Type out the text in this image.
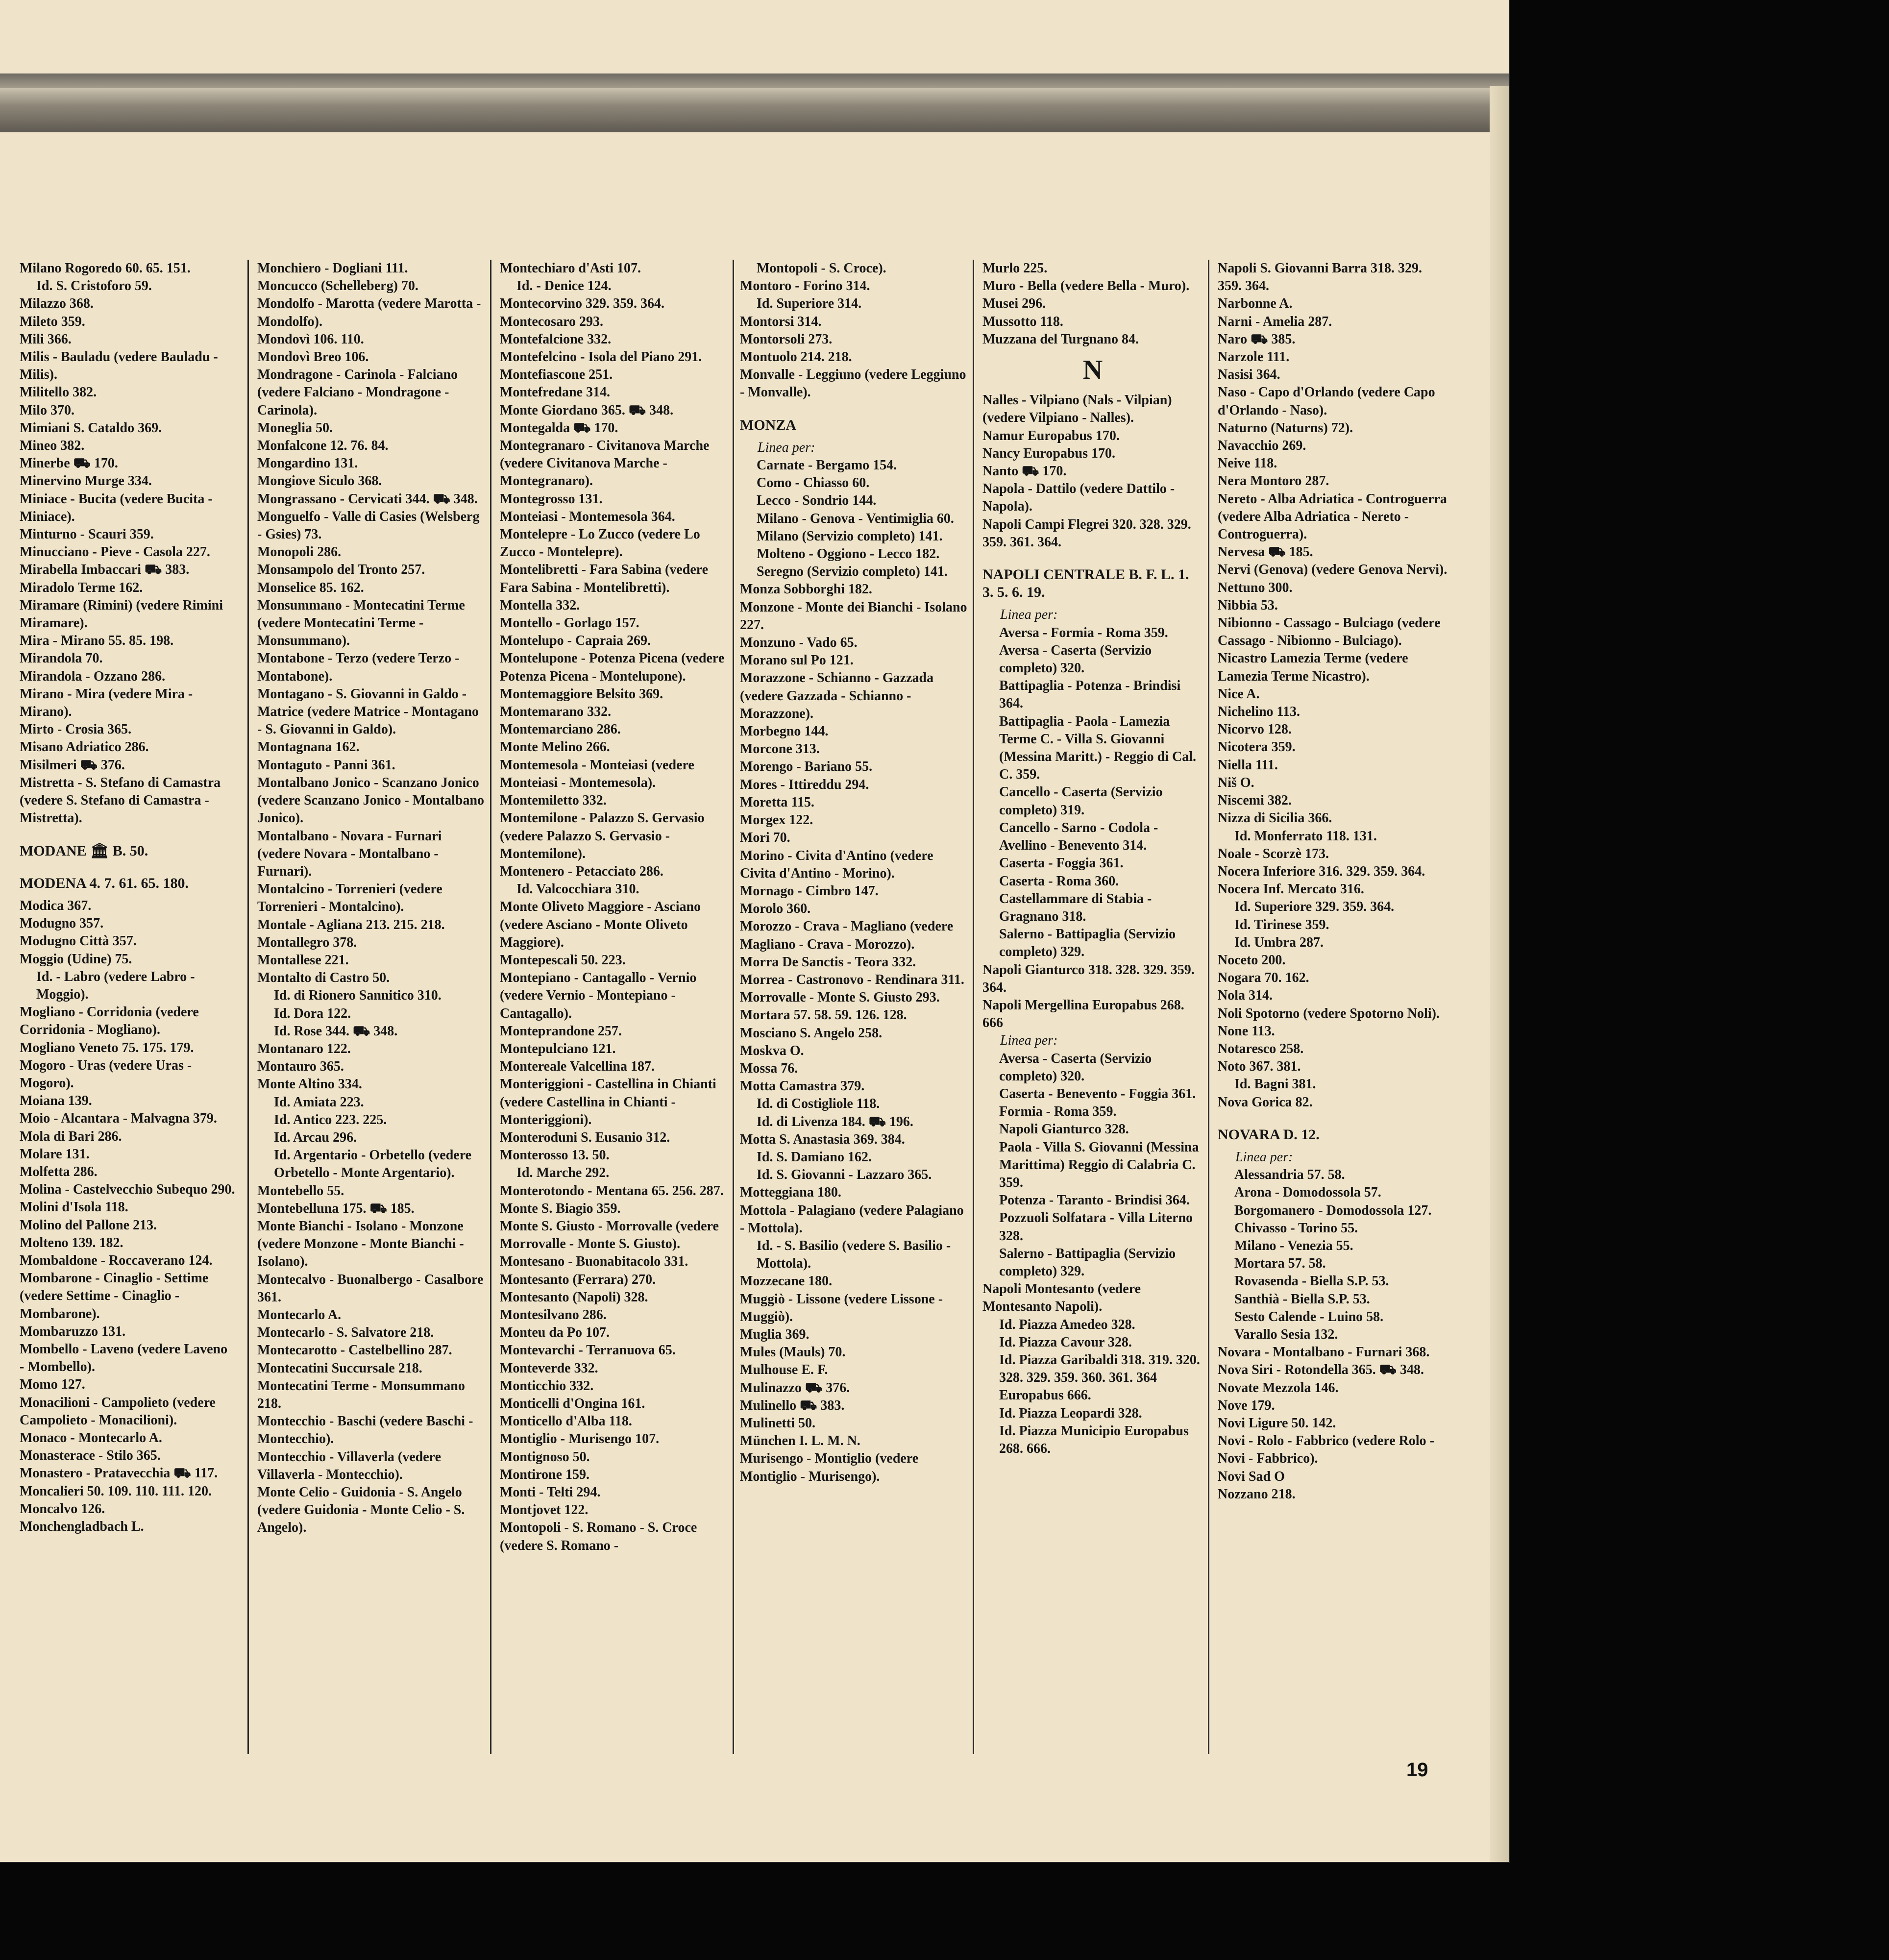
Milano Rogoredo 60. 65. 151.
Id. S. Cristoforo 59.
Milazzo 368.
Mileto 359.
Mili 366.
Milis - Bauladu (vedere Bauladu - Milis).
Militello 382.
Milo 370.
Mimiani S. Cataldo 369.
Mineo 382.
Minerbe ⛟ 170.
Minervino Murge 334.
Miniace - Bucita (vedere Bucita - Miniace).
Minturno - Scauri 359.
Minucciano - Pieve - Casola 227.
Mirabella Imbaccari ⛟ 383.
Miradolo Terme 162.
Miramare (Rimini) (vedere Rimini Miramare).
Mira - Mirano 55. 85. 198.
Mirandola 70.
Mirandola - Ozzano 286.
Mirano - Mira (vedere Mira - Mirano).
Mirto - Crosia 365.
Misano Adriatico 286.
Misilmeri ⛟ 376.
Mistretta - S. Stefano di Camastra (vedere S. Stefano di Camastra - Mistretta).
MODANE 🏛 B. 50.
MODENA 4. 7. 61. 65. 180.
Modica 367.
Modugno 357.
Modugno Città 357.
Moggio (Udine) 75.
Id. - Labro (vedere Labro - Moggio).
Mogliano - Corridonia (vedere Corridonia - Mogliano).
Mogliano Veneto 75. 175. 179.
Mogoro - Uras (vedere Uras - Mogoro).
Moiana 139.
Moio - Alcantara - Malvagna 379.
Mola di Bari 286.
Molare 131.
Molfetta 286.
Molina - Castelvecchio Subequo 290.
Molini d'Isola 118.
Molino del Pallone 213.
Molteno 139. 182.
Mombaldone - Roccaverano 124.
Mombarone - Cinaglio - Settime (vedere Settime - Cinaglio - Mombarone).
Mombaruzzo 131.
Mombello - Laveno (vedere Laveno - Mombello).
Momo 127.
Monacilioni - Campolieto (vedere Campolieto - Monacilioni).
Monaco - Montecarlo A.
Monasterace - Stilo 365.
Monastero - Pratavecchia ⛟ 117.
Moncalieri 50. 109. 110. 111. 120.
Moncalvo 126.
Monchengladbach L.
Monchiero - Dogliani 111.
Moncucco (Schelleberg) 70.
Mondolfo - Marotta (vedere Marotta - Mondolfo).
Mondovì 106. 110.
Mondovì Breo 106.
Mondragone - Carinola - Falciano (vedere Falciano - Mondragone - Carinola).
Moneglia 50.
Monfalcone 12. 76. 84.
Mongardino 131.
Mongiove Siculo 368.
Mongrassano - Cervicati 344. ⛟ 348.
Monguelfo - Valle di Casies (Welsberg - Gsies) 73.
Monopoli 286.
Monsampolo del Tronto 257.
Monselice 85. 162.
Monsummano - Montecatini Terme (vedere Montecatini Terme - Monsummano).
Montabone - Terzo (vedere Terzo - Montabone).
Montagano - S. Giovanni in Galdo - Matrice (vedere Matrice - Montagano - S. Giovanni in Galdo).
Montagnana 162.
Montaguto - Panni 361.
Montalbano Jonico - Scanzano Jonico (vedere Scanzano Jonico - Montalbano Jonico).
Montalbano - Novara - Furnari (vedere Novara - Montalbano - Furnari).
Montalcino - Torrenieri (vedere Torrenieri - Montalcino).
Montale - Agliana 213. 215. 218.
Montallegro 378.
Montallese 221.
Montalto di Castro 50.
Id. di Rionero Sannitico 310.
Id. Dora 122.
Id. Rose 344. ⛟ 348.
Montanaro 122.
Montauro 365.
Monte Altino 334.
Id. Amiata 223.
Id. Antico 223. 225.
Id. Arcau 296.
Id. Argentario - Orbetello (vedere Orbetello - Monte Argentario).
Montebello 55.
Montebelluna 175. ⛟ 185.
Monte Bianchi - Isolano - Monzone (vedere Monzone - Monte Bianchi - Isolano).
Montecalvo - Buonalbergo - Casalbore 361.
Montecarlo A.
Montecarlo - S. Salvatore 218.
Montecarotto - Castelbellino 287.
Montecatini Succursale 218.
Montecatini Terme - Monsummano 218.
Montecchio - Baschi (vedere Baschi - Montecchio).
Montecchio - Villaverla (vedere Villaverla - Montecchio).
Monte Celio - Guidonia - S. Angelo (vedere Guidonia - Monte Celio - S. Angelo).
Montechiaro d'Asti 107.
Id. - Denice 124.
Montecorvino 329. 359. 364.
Montecosaro 293.
Montefalcione 332.
Montefelcino - Isola del Piano 291.
Montefiascone 251.
Montefredane 314.
Monte Giordano 365. ⛟ 348.
Montegalda ⛟ 170.
Montegranaro - Civitanova Marche (vedere Civitanova Marche - Montegranaro).
Montegrosso 131.
Monteiasi - Montemesola 364.
Montelepre - Lo Zucco (vedere Lo Zucco - Montelepre).
Montelibretti - Fara Sabina (vedere Fara Sabina - Montelibretti).
Montella 332.
Montello - Gorlago 157.
Montelupo - Capraia 269.
Montelupone - Potenza Picena (vedere Potenza Picena - Montelupone).
Montemaggiore Belsito 369.
Montemarano 332.
Montemarciano 286.
Monte Melino 266.
Montemesola - Monteiasi (vedere Monteiasi - Montemesola).
Montemiletto 332.
Montemilone - Palazzo S. Gervasio (vedere Palazzo S. Gervasio - Montemilone).
Montenero - Petacciato 286.
Id. Valcocchiara 310.
Monte Oliveto Maggiore - Asciano (vedere Asciano - Monte Oliveto Maggiore).
Montepescali 50. 223.
Montepiano - Cantagallo - Vernio (vedere Vernio - Montepiano - Cantagallo).
Monteprandone 257.
Montepulciano 121.
Montereale Valcellina 187.
Monteriggioni - Castellina in Chianti (vedere Castellina in Chianti - Monteriggioni).
Monteroduni S. Eusanio 312.
Monterosso 13. 50.
Id. Marche 292.
Monterotondo - Mentana 65. 256. 287.
Monte S. Biagio 359.
Monte S. Giusto - Morrovalle (vedere Morrovalle - Monte S. Giusto).
Montesano - Buonabitacolo 331.
Montesanto (Ferrara) 270.
Montesanto (Napoli) 328.
Montesilvano 286.
Monteu da Po 107.
Montevarchi - Terranuova 65.
Monteverde 332.
Monticchio 332.
Monticelli d'Ongina 161.
Monticello d'Alba 118.
Montiglio - Murisengo 107.
Montignoso 50.
Montirone 159.
Monti - Telti 294.
Montjovet 122.
Montopoli - S. Romano - S. Croce (vedere S. Romano -
Montopoli - S. Croce).
Montoro - Forino 314.
Id. Superiore 314.
Montorsi 314.
Montorsoli 273.
Montuolo 214. 218.
Monvalle - Leggiuno (vedere Leggiuno - Monvalle).
MONZA
Linea per:
Carnate - Bergamo 154.
Como - Chiasso 60.
Lecco - Sondrio 144.
Milano - Genova - Ventimiglia 60.
Milano (Servizio completo) 141.
Molteno - Oggiono - Lecco 182.
Seregno (Servizio completo) 141.
Monza Sobborghi 182.
Monzone - Monte dei Bianchi - Isolano 227.
Monzuno - Vado 65.
Morano sul Po 121.
Morazzone - Schianno - Gazzada (vedere Gazzada - Schianno - Morazzone).
Morbegno 144.
Morcone 313.
Morengo - Bariano 55.
Mores - Ittireddu 294.
Moretta 115.
Morgex 122.
Mori 70.
Morino - Civita d'Antino (vedere Civita d'Antino - Morino).
Mornago - Cimbro 147.
Morolo 360.
Morozzo - Crava - Magliano (vedere Magliano - Crava - Morozzo).
Morra De Sanctis - Teora 332.
Morrea - Castronovo - Rendinara 311.
Morrovalle - Monte S. Giusto 293.
Mortara 57. 58. 59. 126. 128.
Mosciano S. Angelo 258.
Moskva O.
Mossa 76.
Motta Camastra 379.
Id. di Costigliole 118.
Id. di Livenza 184. ⛟ 196.
Motta S. Anastasia 369. 384.
Id. S. Damiano 162.
Id. S. Giovanni - Lazzaro 365.
Motteggiana 180.
Mottola - Palagiano (vedere Palagiano - Mottola).
Id. - S. Basilio (vedere S. Basilio - Mottola).
Mozzecane 180.
Muggiò - Lissone (vedere Lissone - Muggiò).
Muglia 369.
Mules (Mauls) 70.
Mulhouse E. F.
Mulinazzo ⛟ 376.
Mulinello ⛟ 383.
Mulinetti 50.
München I. L. M. N.
Murisengo - Montiglio (vedere Montiglio - Murisengo).
Murlo 225.
Muro - Bella (vedere Bella - Muro).
Musei 296.
Mussotto 118.
Muzzana del Turgnano 84.
N
Nalles - Vilpiano (Nals - Vilpian) (vedere Vilpiano - Nalles).
Namur Europabus 170.
Nancy Europabus 170.
Nanto ⛟ 170.
Napola - Dattilo (vedere Dattilo - Napola).
Napoli Campi Flegrei 320. 328. 329. 359. 361. 364.
NAPOLI CENTRALE B. F. L. 1. 3. 5. 6. 19.
Linea per:
Aversa - Formia - Roma 359.
Aversa - Caserta (Servizio completo) 320.
Battipaglia - Potenza - Brindisi 364.
Battipaglia - Paola - Lamezia Terme C. - Villa S. Giovanni (Messina Maritt.) - Reggio di Cal. C. 359.
Cancello - Caserta (Servizio completo) 319.
Cancello - Sarno - Codola - Avellino - Benevento 314.
Caserta - Foggia 361.
Caserta - Roma 360.
Castellammare di Stabia - Gragnano 318.
Salerno - Battipaglia (Servizio completo) 329.
Napoli Gianturco 318. 328. 329. 359. 364.
Napoli Mergellina Europabus 268. 666
Linea per:
Aversa - Caserta (Servizio completo) 320.
Caserta - Benevento - Foggia 361.
Formia - Roma 359.
Napoli Gianturco 328.
Paola - Villa S. Giovanni (Messina Marittima) Reggio di Calabria C. 359.
Potenza - Taranto - Brindisi 364.
Pozzuoli Solfatara - Villa Literno 328.
Salerno - Battipaglia (Servizio completo) 329.
Napoli Montesanto (vedere Montesanto Napoli).
Id. Piazza Amedeo 328.
Id. Piazza Cavour 328.
Id. Piazza Garibaldi 318. 319. 320. 328. 329. 359. 360. 361. 364 Europabus 666.
Id. Piazza Leopardi 328.
Id. Piazza Municipio Europabus 268. 666.
Napoli S. Giovanni Barra 318. 329. 359. 364.
Narbonne A.
Narni - Amelia 287.
Naro ⛟ 385.
Narzole 111.
Nasisi 364.
Naso - Capo d'Orlando (vedere Capo d'Orlando - Naso).
Naturno (Naturns) 72).
Navacchio 269.
Neive 118.
Nera Montoro 287.
Nereto - Alba Adriatica - Controguerra (vedere Alba Adriatica - Nereto - Controguerra).
Nervesa ⛟ 185.
Nervi (Genova) (vedere Genova Nervi).
Nettuno 300.
Nibbia 53.
Nibionno - Cassago - Bulciago (vedere Cassago - Nibionno - Bulciago).
Nicastro Lamezia Terme (vedere Lamezia Terme Nicastro).
Nice A.
Nichelino 113.
Nicorvo 128.
Nicotera 359.
Niella 111.
Niš O.
Niscemi 382.
Nizza di Sicilia 366.
Id. Monferrato 118. 131.
Noale - Scorzè 173.
Nocera Inferiore 316. 329. 359. 364.
Nocera Inf. Mercato 316.
Id. Superiore 329. 359. 364.
Id. Tirinese 359.
Id. Umbra 287.
Noceto 200.
Nogara 70. 162.
Nola 314.
Noli Spotorno (vedere Spotorno Noli).
None 113.
Notaresco 258.
Noto 367. 381.
Id. Bagni 381.
Nova Gorica 82.
NOVARA D. 12.
Linea per:
Alessandria 57. 58.
Arona - Domodossola 57.
Borgomanero - Domodossola 127.
Chivasso - Torino 55.
Milano - Venezia 55.
Mortara 57. 58.
Rovasenda - Biella S.P. 53.
Santhià - Biella S.P. 53.
Sesto Calende - Luino 58.
Varallo Sesia 132.
Novara - Montalbano - Furnari 368.
Nova Siri - Rotondella 365. ⛟ 348.
Novate Mezzola 146.
Nove 179.
Novi Ligure 50. 142.
Novi - Rolo - Fabbrico (vedere Rolo - Novi - Fabbrico).
Novi Sad O
Nozzano 218.
19
